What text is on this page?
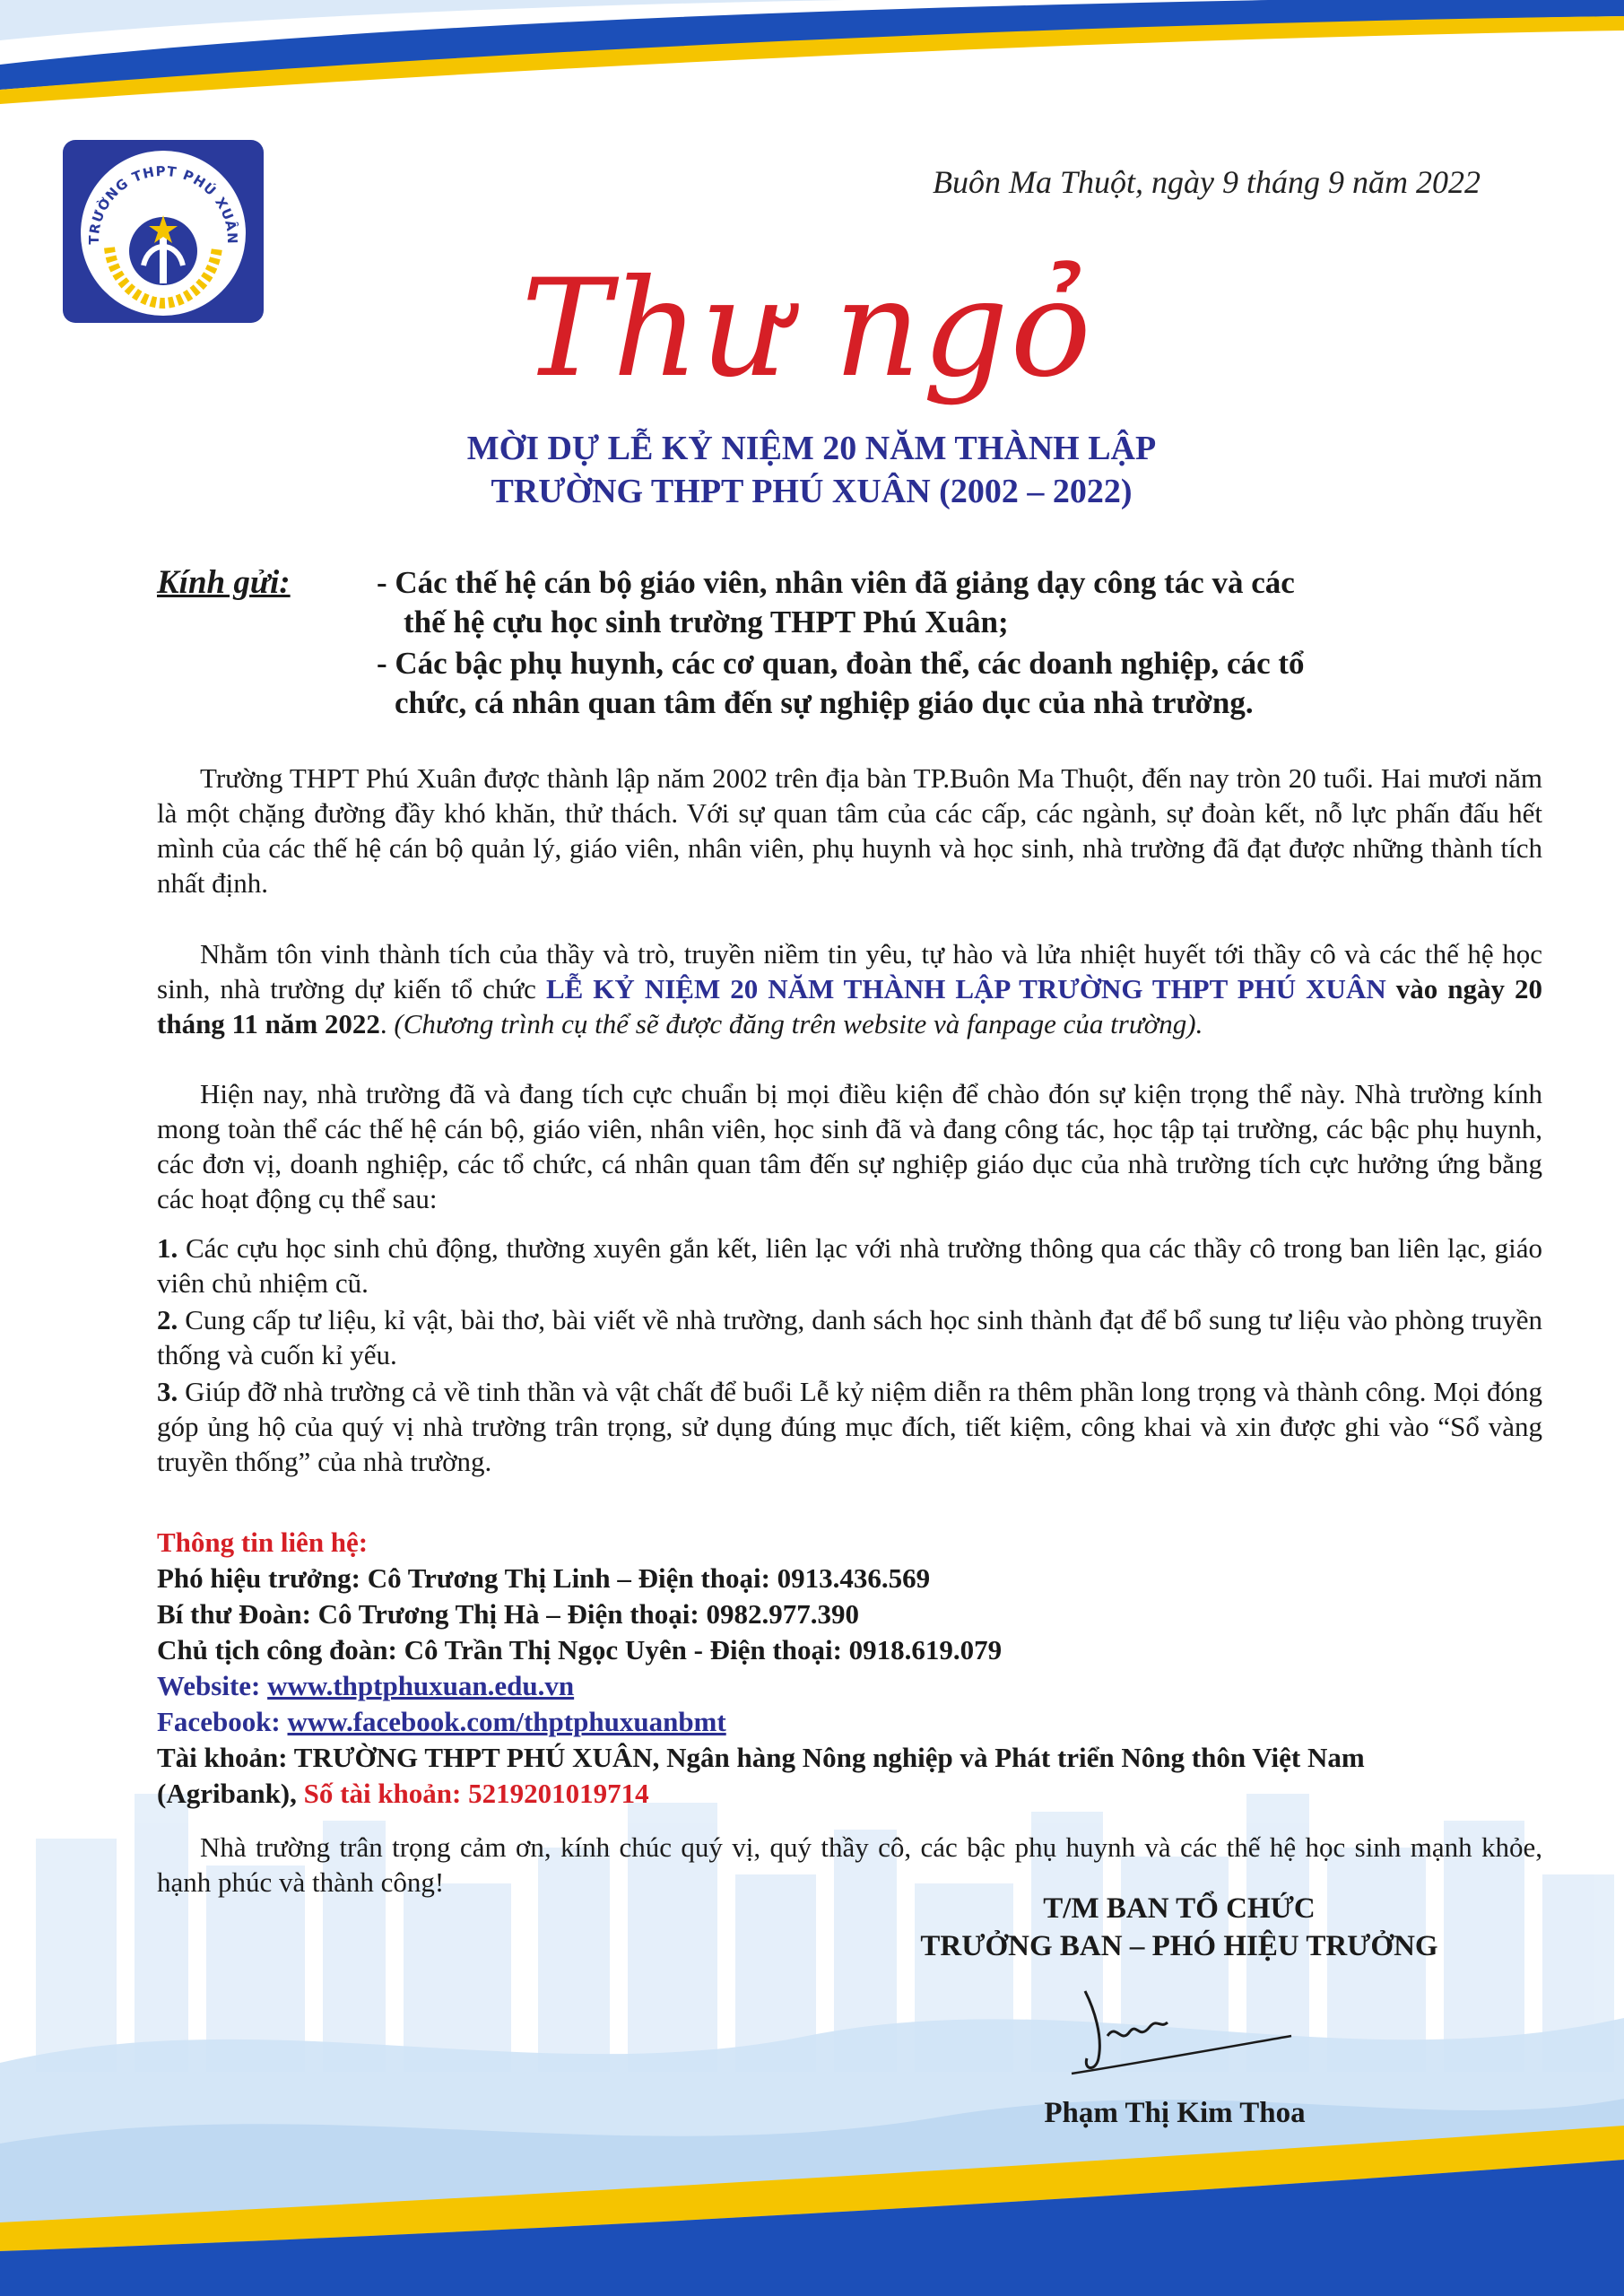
TRƯỜNG THPT PHÚ XUÂN
Buôn Ma Thuột, ngày 9 tháng 9 năm 2022
Thư ngỏ
MỜI DỰ LỄ KỶ NIỆM 20 NĂM THÀNH LẬP
TRƯỜNG THPT PHÚ XUÂN (2002 – 2022)
Kính gửi:	- Các thế hệ cán bộ giáo viên, nhân viên đã giảng dạy công tác và các
thế hệ cựu học sinh trường THPT Phú Xuân;
- Các bậc phụ huynh, các cơ quan, đoàn thể, các doanh nghiệp, các tổ
chức, cá nhân quan tâm đến sự nghiệp giáo dục của nhà trường.
Trường THPT Phú Xuân được thành lập năm 2002 trên địa bàn TP.Buôn Ma Thuột, đến nay tròn 20 tuổi. Hai mươi năm là một chặng đường đầy khó khăn, thử thách. Với sự quan tâm của các cấp, các ngành, sự đoàn kết, nỗ lực phấn đấu hết mình của các thế hệ cán bộ quản lý, giáo viên, nhân viên, phụ huynh và học sinh, nhà trường đã đạt được những thành tích nhất định.
Nhằm tôn vinh thành tích của thầy và trò, truyền niềm tin yêu, tự hào và lửa nhiệt huyết tới thầy cô và các thế hệ học sinh, nhà trường dự kiến tổ chức LỄ KỶ NIỆM 20 NĂM THÀNH LẬP TRƯỜNG THPT PHÚ XUÂN vào ngày 20 tháng 11 năm 2022. (Chương trình cụ thể sẽ được đăng trên website và fanpage của trường).
Hiện nay, nhà trường đã và đang tích cực chuẩn bị mọi điều kiện để chào đón sự kiện trọng thể này. Nhà trường kính mong toàn thể các thế hệ cán bộ, giáo viên, nhân viên, học sinh đã và đang công tác, học tập tại trường, các bậc phụ huynh, các đơn vị, doanh nghiệp, các tổ chức, cá nhân quan tâm đến sự nghiệp giáo dục của nhà trường tích cực hưởng ứng bằng các hoạt động cụ thể sau:
1. Các cựu học sinh chủ động, thường xuyên gắn kết, liên lạc với nhà trường thông qua các thầy cô trong ban liên lạc, giáo viên chủ nhiệm cũ.
2. Cung cấp tư liệu, kỉ vật, bài thơ, bài viết về nhà trường, danh sách học sinh thành đạt để bổ sung tư liệu vào phòng truyền thống và cuốn kỉ yếu.
3. Giúp đỡ nhà trường cả về tinh thần và vật chất để buổi Lễ kỷ niệm diễn ra thêm phần long trọng và thành công. Mọi đóng góp ủng hộ của quý vị nhà trường trân trọng, sử dụng đúng mục đích, tiết kiệm, công khai và xin được ghi vào “Sổ vàng truyền thống” của nhà trường.
Thông tin liên hệ:
Phó hiệu trưởng: Cô Trương Thị Linh – Điện thoại: 0913.436.569
Bí thư Đoàn: Cô Trương Thị Hà – Điện thoại: 0982.977.390
Chủ tịch công đoàn: Cô Trần Thị Ngọc Uyên - Điện thoại: 0918.619.079
Website: www.thptphuxuan.edu.vn
Facebook: www.facebook.com/thptphuxuanbmt
Tài khoản: TRƯỜNG THPT PHÚ XUÂN, Ngân hàng Nông nghiệp và Phát triển Nông thôn Việt Nam
(Agribank), Số tài khoản: 5219201019714
Nhà trường trân trọng cảm ơn, kính chúc quý vị, quý thầy cô, các bậc phụ huynh và các thế hệ học sinh mạnh khỏe, hạnh phúc và thành công!
T/M BAN TỔ CHỨC
TRƯỞNG BAN – PHÓ HIỆU TRƯỞNG
Phạm Thị Kim Thoa
